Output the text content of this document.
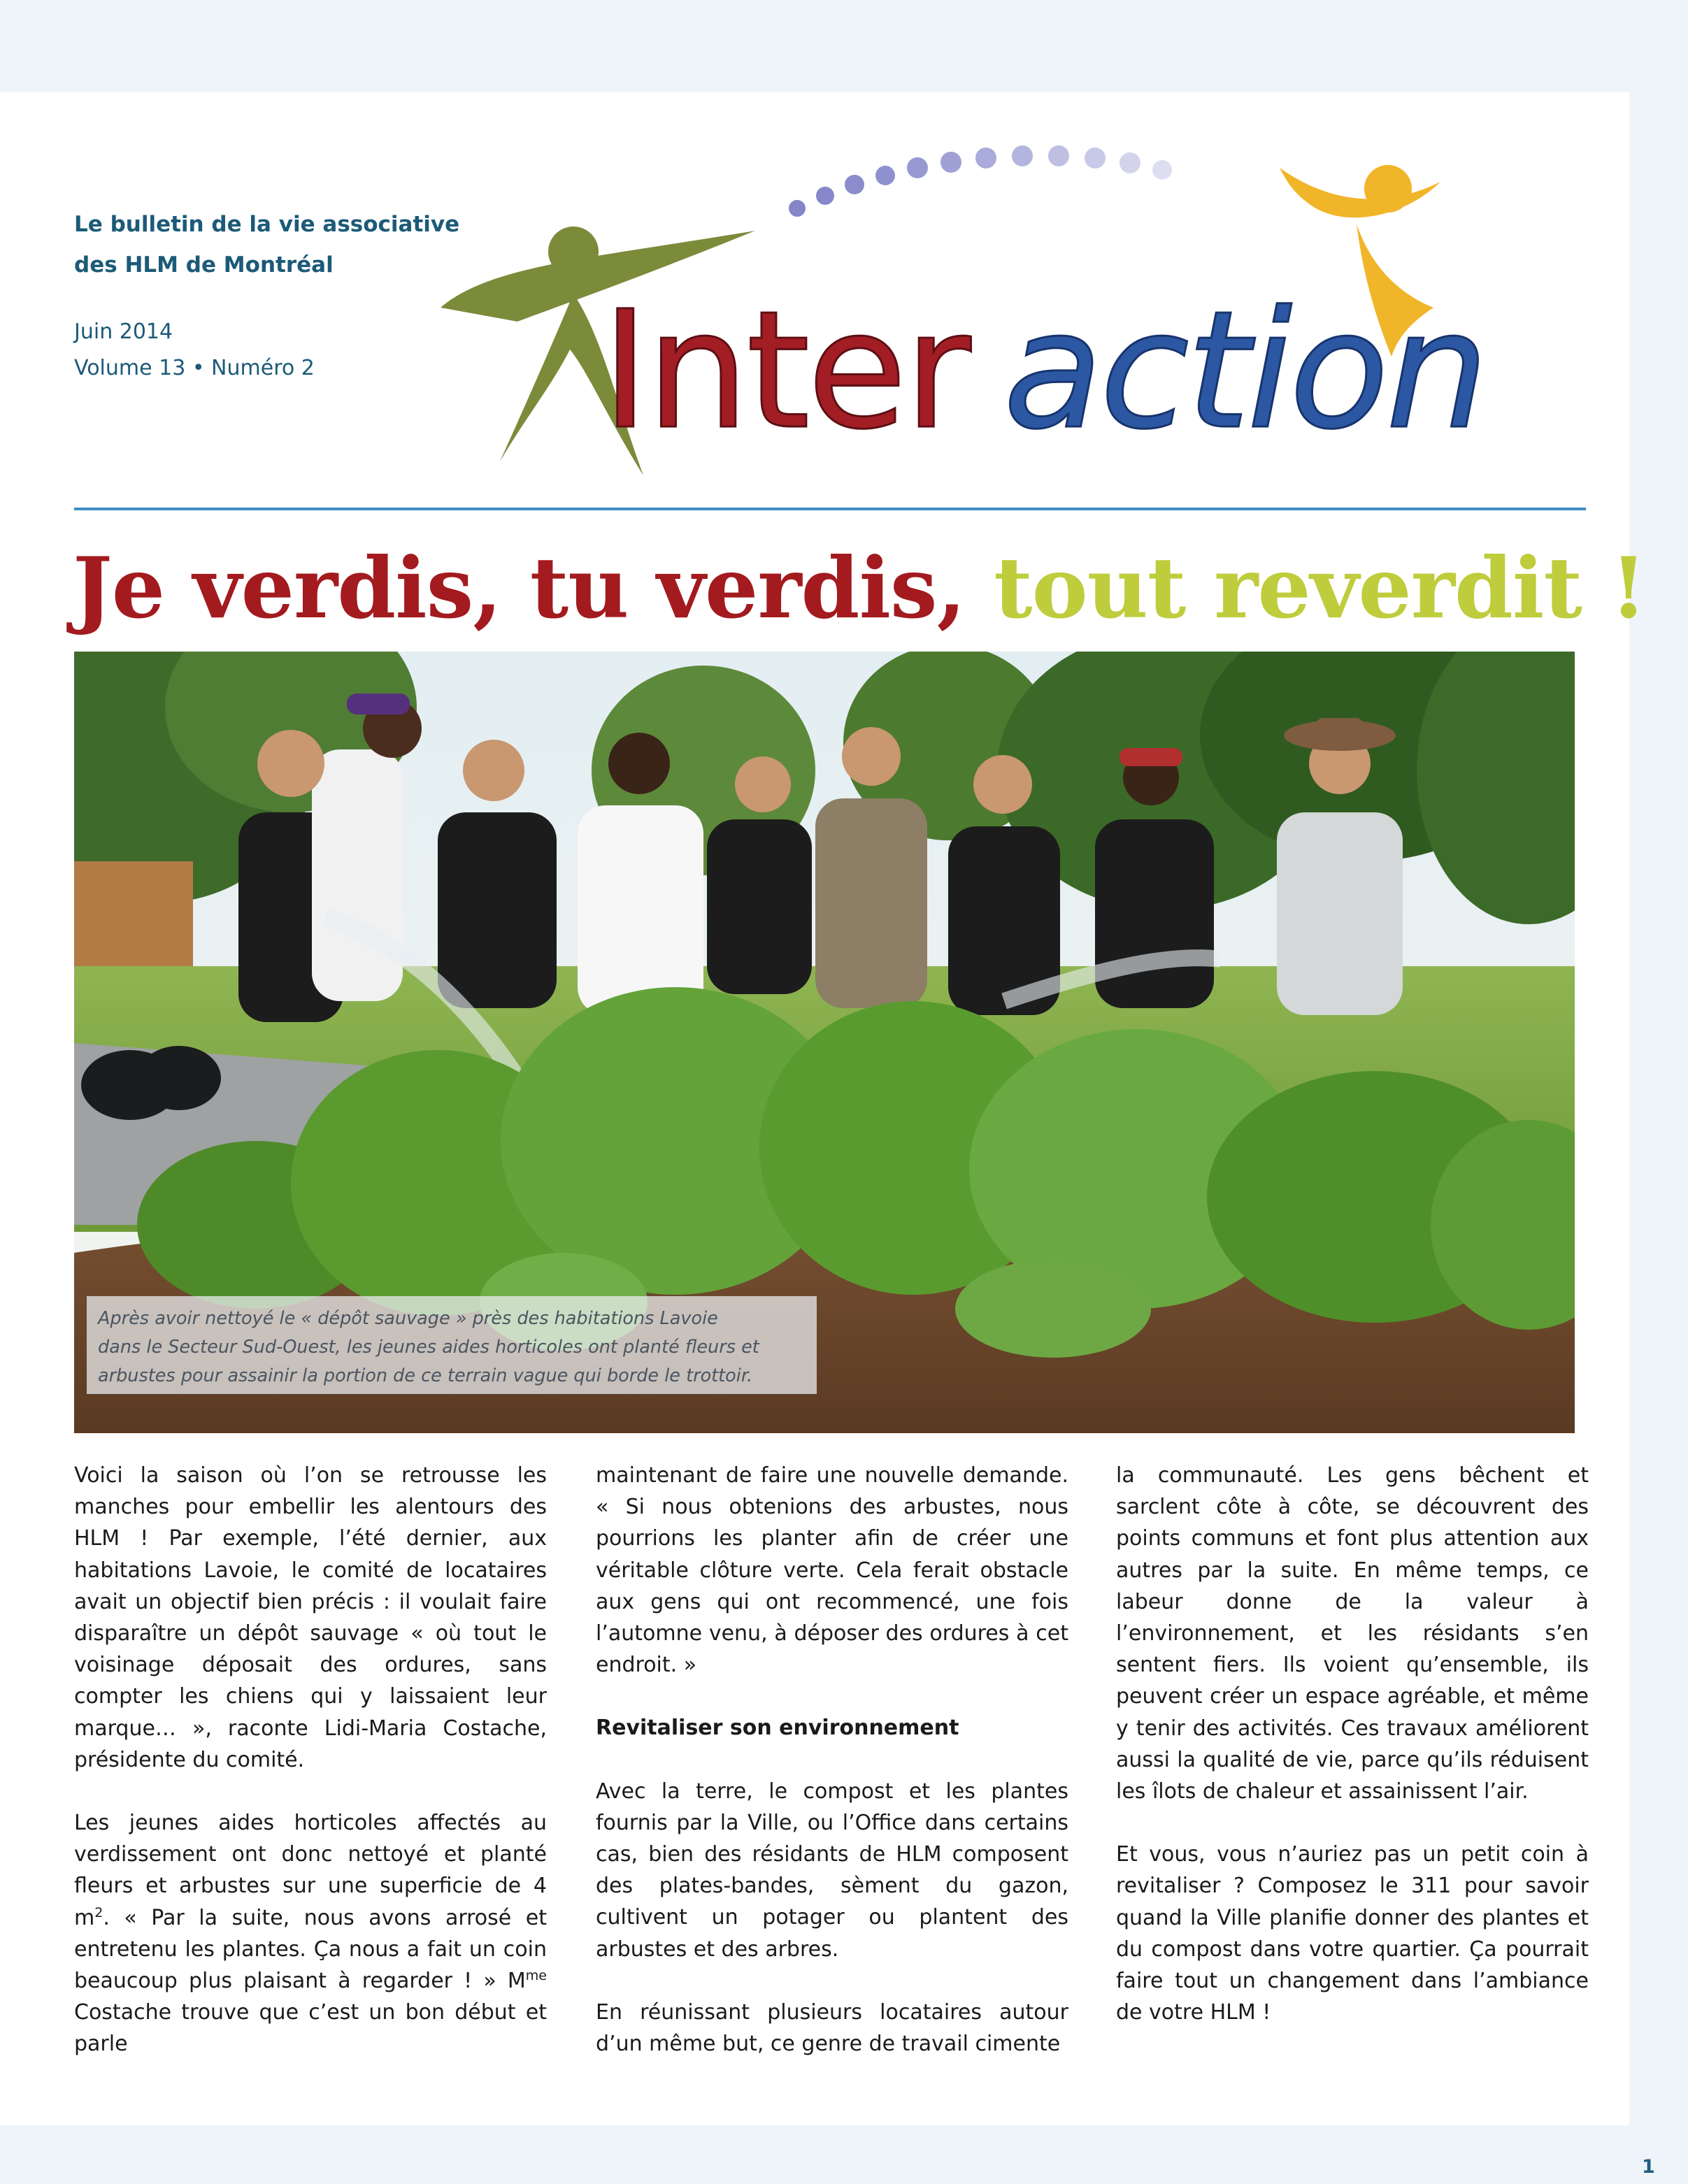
Le bulletin de la vie associative
des HLM de Montréal
Juin 2014
Volume 13 • Numéro 2 Inter action
Je verdis, tu verdis, tout reverdit !
Après avoir nettoyé le « dépôt sauvage » près des habitations Lavoie
dans le Secteur Sud-Ouest, les jeunes aides horticoles ont planté fleurs et
arbustes pour assainir la portion de ce terrain vague qui borde le trottoir.

Voici la saison où l’on se retrousse les manches pour embellir les alentours des HLM ! Par exemple, l’été dernier, aux habitations Lavoie, le comité de locataires avait un objectif bien précis : il voulait faire disparaître un dépôt sauvage « où tout le voisinage déposait des ordures, sans compter les chiens qui y laissaient leur marque… », raconte Lidi-Maria Costache, présidente du comité.

Les jeunes aides horticoles affectés au verdissement ont donc nettoyé et planté fleurs et arbustes sur une superficie de 4 $m^2$. « Par la suite, nous avons arrosé et entretenu les plantes. Ça nous a fait un coin beaucoup plus plaisant à regarder ! » $M^{me}$ Costache trouve que c’est un bon début et parle

maintenant de faire une nouvelle demande. « Si nous obtenions des arbustes, nous pourrions les planter afin de créer une véritable clôture verte. Cela ferait obstacle aux gens qui ont recommencé, une fois l’automne venu, à déposer des ordures à cet endroit. »

Revitaliser son environnement

Avec la terre, le compost et les plantes fournis par la Ville, ou l’Office dans certains cas, bien des résidants de HLM composent des plates-bandes, sèment du gazon, cultivent un potager ou plantent des arbustes et des arbres.

En réunissant plusieurs locataires autour d’un même but, ce genre de travail cimente

la communauté. Les gens bêchent et sarclent côte à côte, se découvrent des points communs et font plus attention aux autres par la suite. En même temps, ce labeur donne de la valeur à l’environnement, et les résidants s’en sentent fiers. Ils voient qu’ensemble, ils peuvent créer un espace agréable, et même y tenir des activités. Ces travaux améliorent aussi la qualité de vie, parce qu’ils réduisent les îlots de chaleur et assainissent l’air.

Et vous, vous n’auriez pas un petit coin à revitaliser ? Composez le 311 pour savoir quand la Ville planifie donner des plantes et du compost dans votre quartier. Ça pourrait faire tout un changement dans l’ambiance de votre HLM !

1
